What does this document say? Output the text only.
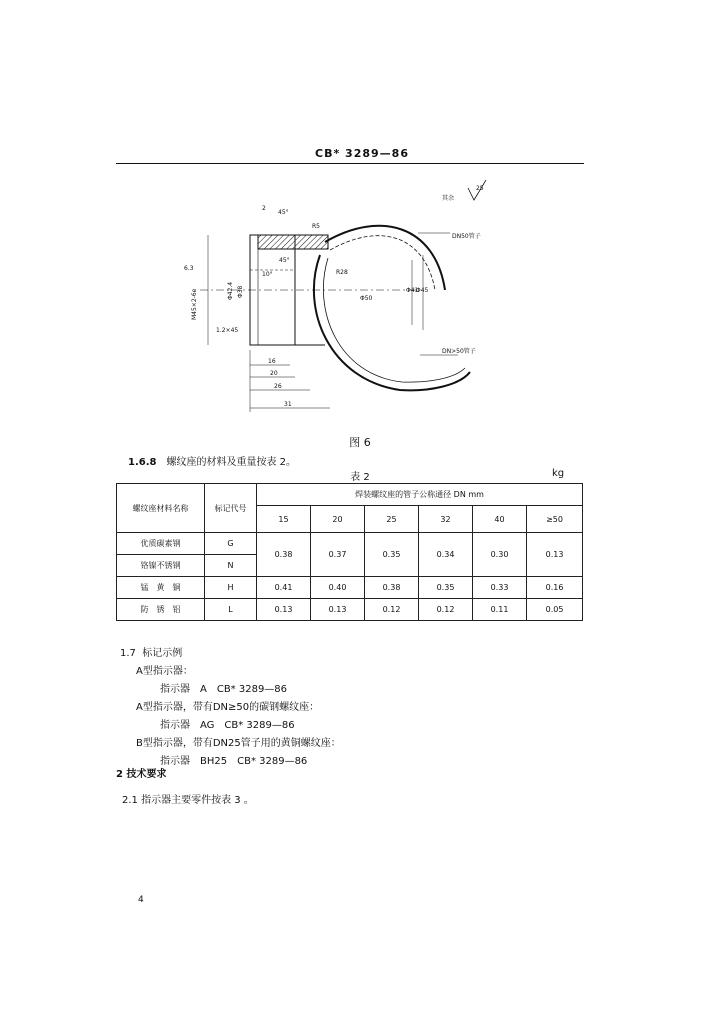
CB* 3289—86
其余
25
DN50管子
DN>50管子
2
45°
R5
45°
10°	R28
Φ50
Φ41
Φ45
6.3
M45×2-6e	Φ42.4 Φ38
1.2×45
16
20
26
31
图 6
1.6.8 螺纹座的材料及重量按表 2。
表 2	kg
螺纹座材料名称	标记代号	焊装螺纹座的管子公称通径 DN mm					
		15	20	25	32	40	≥50
优质碳素钢	G	0.38	0.37	0.35	0.34	0.30	0.13
铬镍不锈钢	N						
锰　黄　铜	H	0.41	0.40	0.38	0.35	0.33	0.16
防　锈　铝	L	0.13	0.13	0.12	0.12	0.11	0.05
1.7  标记示例
A型指示器：
指示器　A　CB* 3289—86
A型指示器，带有DN≥50的碳钢螺纹座：
指示器　AG　CB* 3289—86
B型指示器，带有DN25管子用的黄铜螺纹座：
指示器　BH25　CB* 3289—86
2 技术要求
2.1 指示器主要零件按表 3 。
4
